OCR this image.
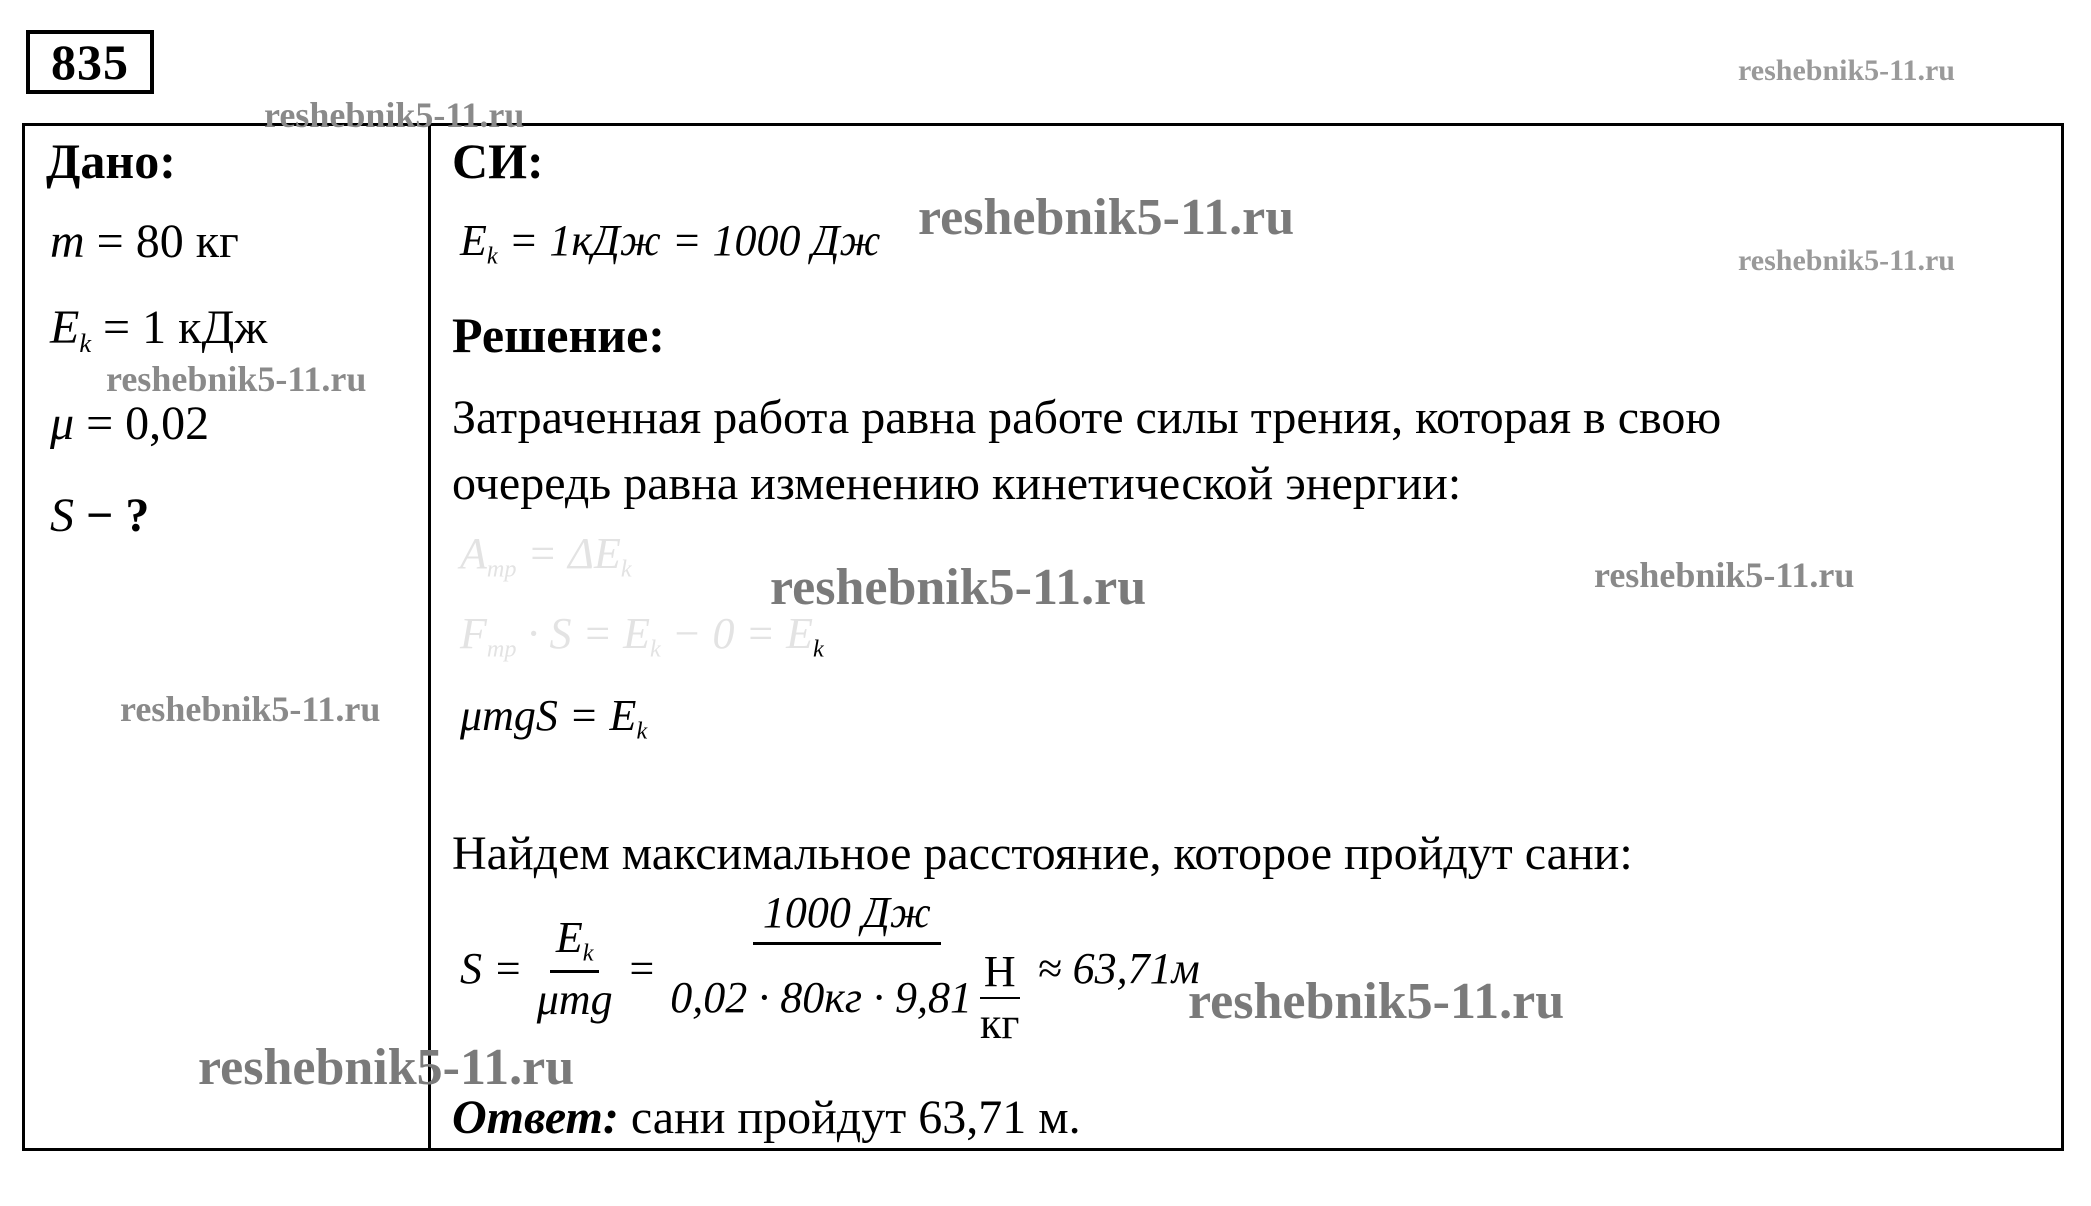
835
Дано:
m = 80 кг
$E_k = 1$ кДж
μ = 0,02
S − ?
СИ:
$E_k = 1кДж = 1000$ Дж
Решение:
Затраченная работа равна работе силы трения, которая в свою
очередь равна изменению кинетической энергии:
$A_{тр} = \Delta E_k$
$F_{тр} \cdot S = E_k - 0 = E_k$
$\mu mgS = E_k$
Найдем максимальное расстояние, которое пройдут сани:
$S = \frac{E_k}{\text{μmg}} = \frac{1000 Дж}{0,02 \cdot 80кг \cdot 9,81 \frac{Н}{кг}} \approx 63,71м$
Ответ: сани пройдут 63,71 м.
reshebnik5-11.ru
reshebnik5-11.ru
reshebnik5-11.ru
reshebnik5-11.ru
reshebnik5-11.ru
reshebnik5-11.ru	reshebnik5-11.ru
reshebnik5-11.ru
reshebnik5-11.ru
reshebnik5-11.ru
